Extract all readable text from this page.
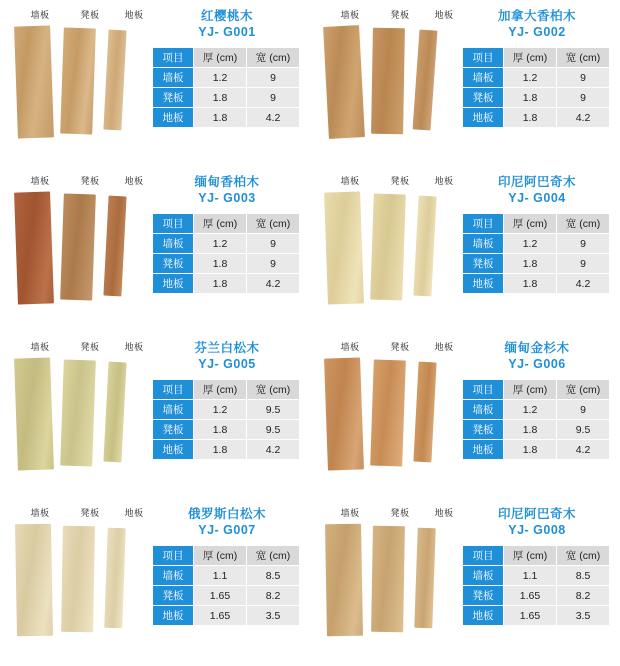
墙板	凳板	地板	红樱桃木
YJ- G001
项目	厚 (cm)	宽 (cm)
墙板	1.2	9
凳板	1.8	9
地板	1.8	4.2
墙板	凳板	地板	加拿大香柏木
YJ- G002
项目	厚 (cm)	宽 (cm)
墙板	1.2	9
凳板	1.8	9
地板	1.8	4.2
墙板	凳板	地板	缅甸香柏木
YJ- G003
项目	厚 (cm)	宽 (cm)
墙板	1.2	9
凳板	1.8	9
地板	1.8	4.2
墙板	凳板	地板	印尼阿巴奇木
YJ- G004
项目	厚 (cm)	宽 (cm)
墙板	1.2	9
凳板	1.8	9
地板	1.8	4.2
墙板	凳板	地板	芬兰白松木
YJ- G005
项目	厚 (cm)	宽 (cm)
墙板	1.2	9.5
凳板	1.8	9.5
地板	1.8	4.2
墙板	凳板	地板	缅甸金杉木
YJ- G006
项目	厚 (cm)	宽 (cm)
墙板	1.2	9
凳板	1.8	9.5
地板	1.8	4.2
墙板	凳板	地板	俄罗斯白松木
YJ- G007
项目	厚 (cm)	宽 (cm)
墙板	1.1	8.5
凳板	1.65	8.2
地板	1.65	3.5
墙板	凳板	地板	印尼阿巴奇木
YJ- G008
项目	厚 (cm)	宽 (cm)
墙板	1.1	8.5
凳板	1.65	8.2
地板	1.65	3.5
